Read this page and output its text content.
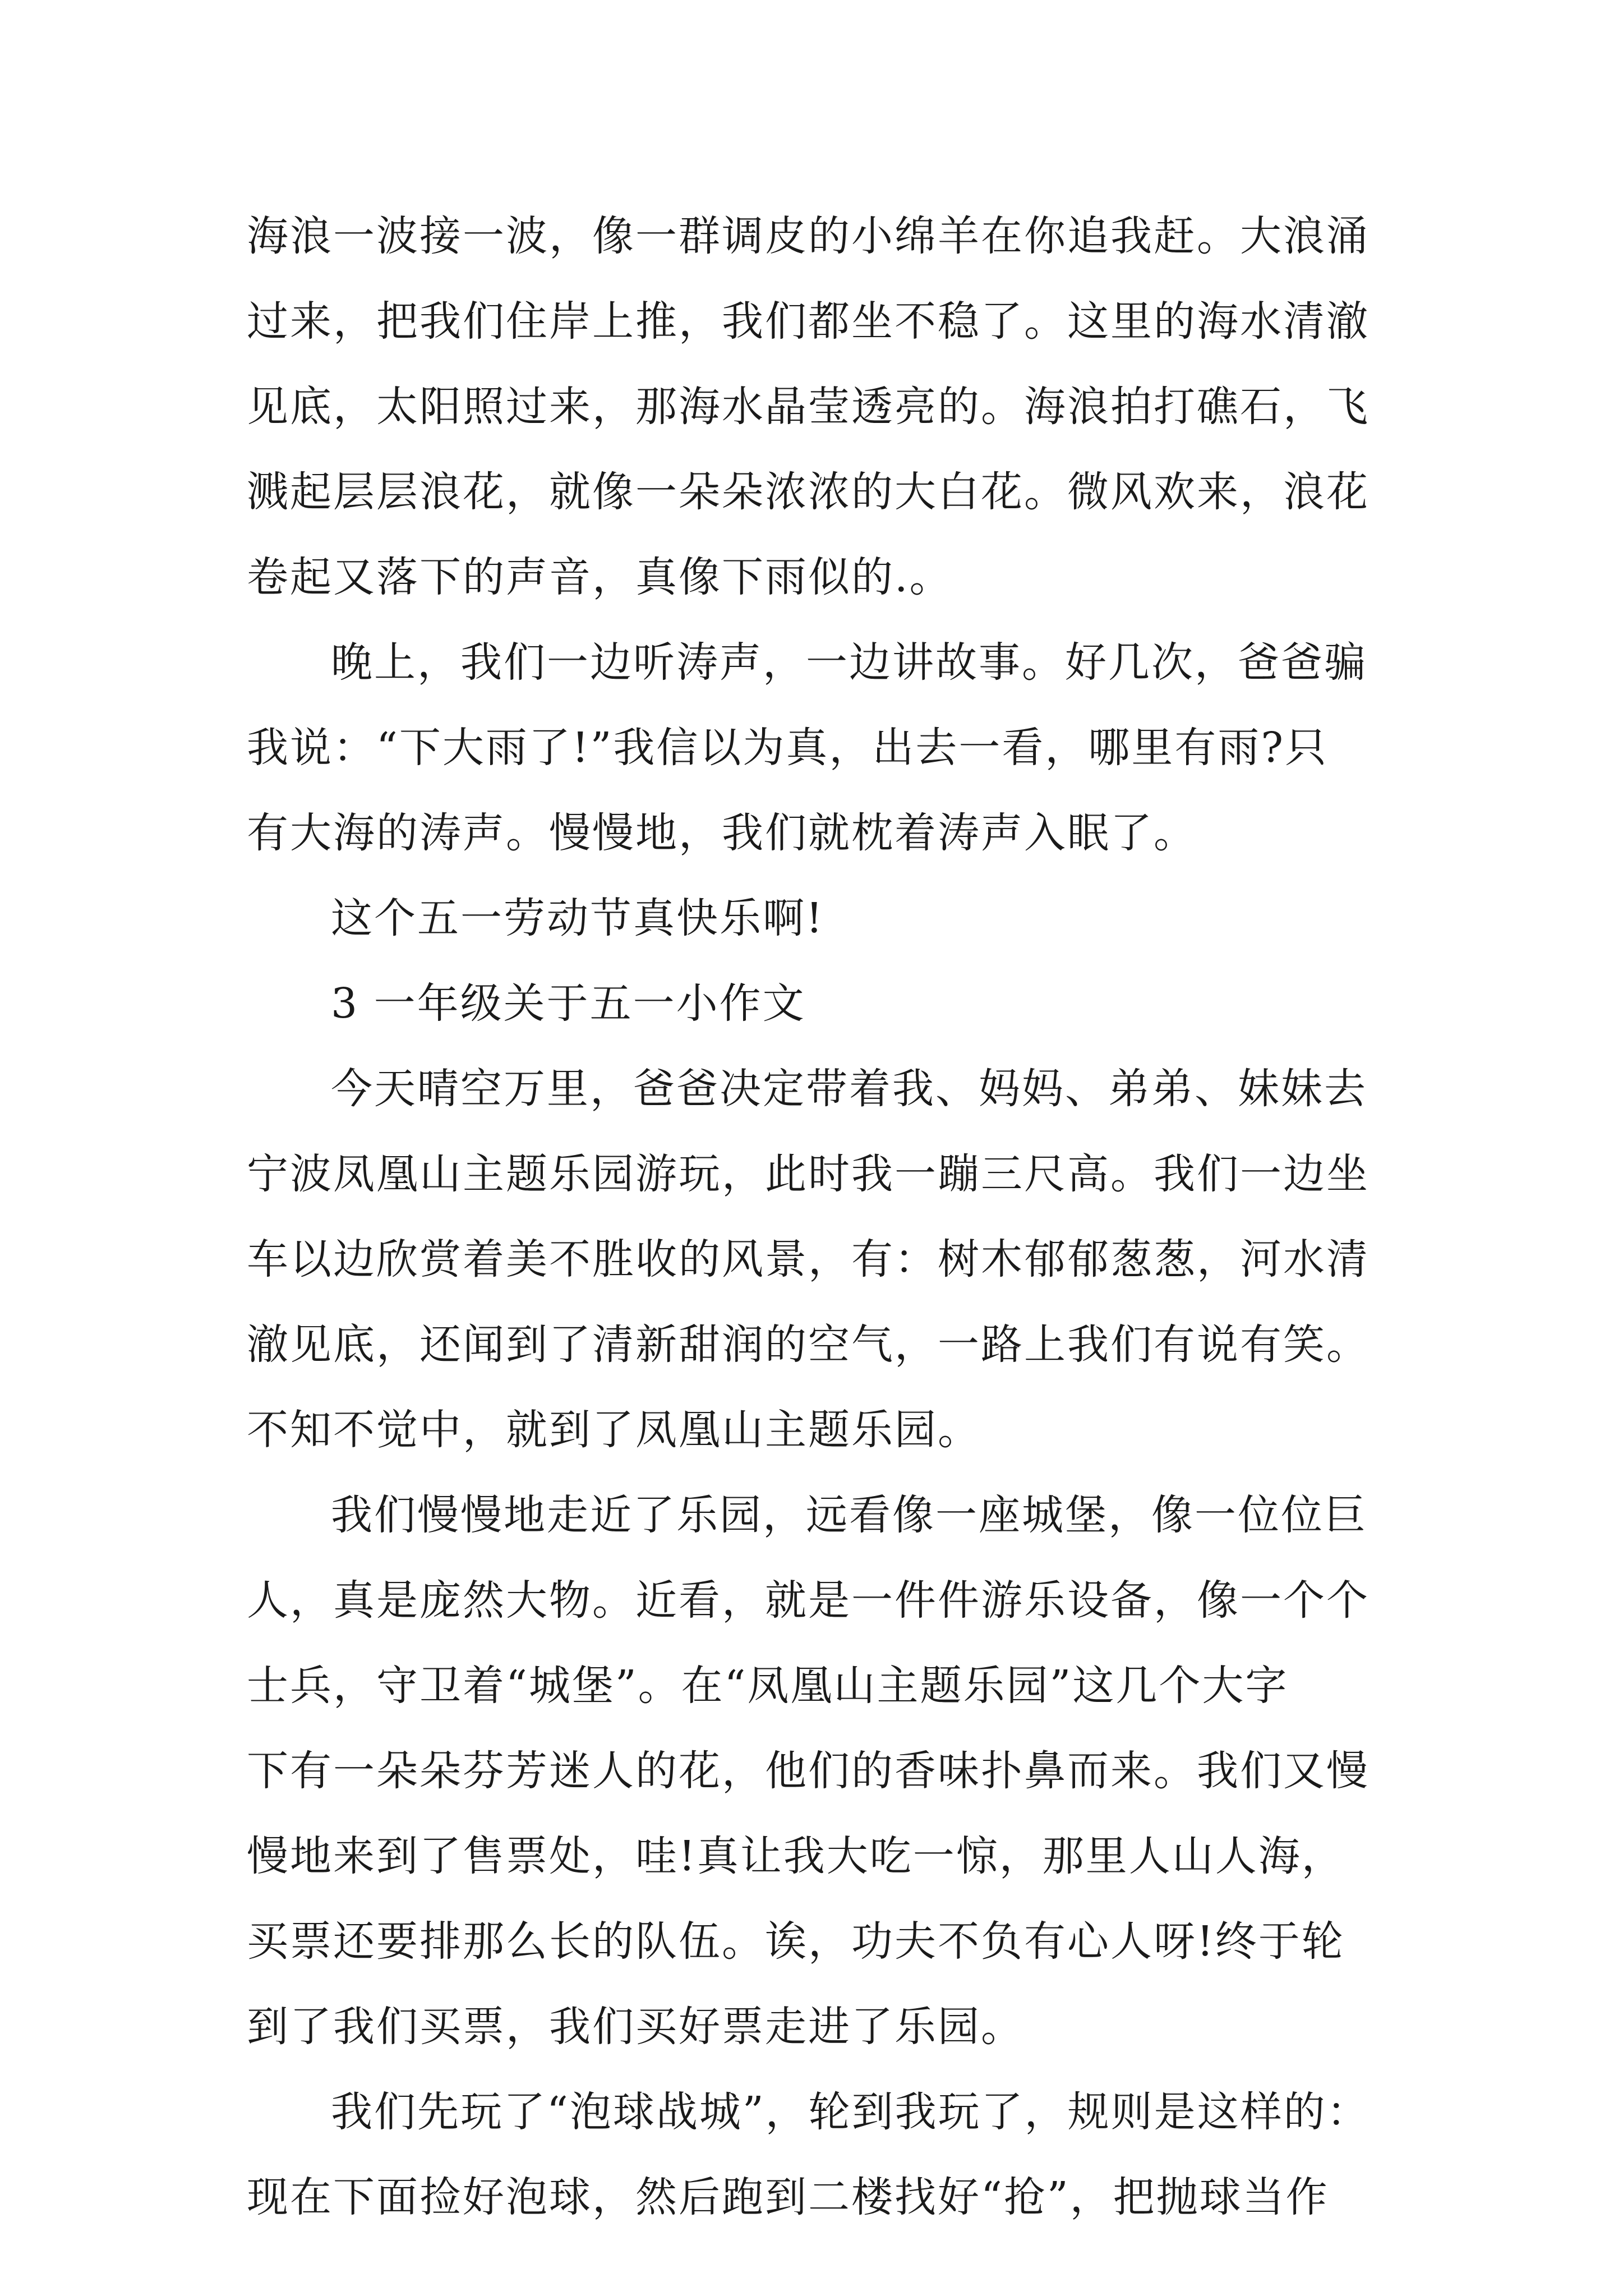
海浪一波接一波，像一群调皮的小绵羊在你追我赶。大浪涌
过来，把我们住岸上推，我们都坐不稳了。这里的海水清澈
见底，太阳照过来，那海水晶莹透亮的。海浪拍打礁石，飞
溅起层层浪花，就像一朵朵浓浓的大白花。微风欢来，浪花
卷起又落下的声音，真像下雨似的.。
晚上，我们一边听涛声，一边讲故事。好几次，爸爸骗
我说：“下大雨了!”我信以为真，出去一看，哪里有雨?只
有大海的涛声。慢慢地，我们就枕着涛声入眠了。
这个五一劳动节真快乐啊!
3 一年级关于五一小作文
今天晴空万里，爸爸决定带着我、妈妈、弟弟、妹妹去
宁波凤凰山主题乐园游玩，此时我一蹦三尺高。我们一边坐
车以边欣赏着美不胜收的风景，有：树木郁郁葱葱，河水清
澈见底，还闻到了清新甜润的空气，一路上我们有说有笑。
不知不觉中，就到了凤凰山主题乐园。
我们慢慢地走近了乐园，远看像一座城堡，像一位位巨
人，真是庞然大物。近看，就是一件件游乐设备，像一个个
士兵，守卫着“城堡”。在“凤凰山主题乐园”这几个大字
下有一朵朵芬芳迷人的花，他们的香味扑鼻而来。我们又慢
慢地来到了售票处，哇!真让我大吃一惊，那里人山人海，
买票还要排那么长的队伍。诶，功夫不负有心人呀!终于轮
到了我们买票，我们买好票走进了乐园。
我们先玩了“泡球战城”，轮到我玩了，规则是这样的：
现在下面捡好泡球，然后跑到二楼找好“抢”，把抛球当作
